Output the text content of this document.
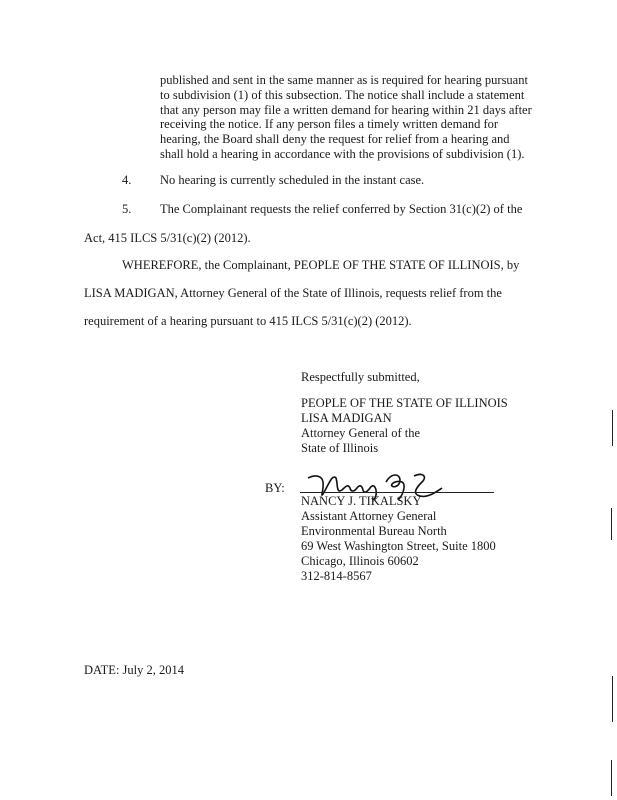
published and sent in the same manner as is required for hearing pursuant
to subdivision (1) of this subsection. The notice shall include a statement
that any person may file a written demand for hearing within 21 days after
receiving the notice. If any person files a timely written demand for
hearing, the Board shall deny the request for relief from a hearing and
shall hold a hearing in accordance with the provisions of subdivision (1).
4. No hearing is currently scheduled in the instant case.
5. The Complainant requests the relief conferred by Section 31(c)(2) of the
Act, 415 ILCS 5/31(c)(2) (2012).
WHEREFORE, the Complainant, PEOPLE OF THE STATE OF ILLINOIS, by
LISA MADIGAN, Attorney General of the State of Illinois, requests relief from the
requirement of a hearing pursuant to 415 ILCS 5/31(c)(2) (2012).
Respectfully submitted,
PEOPLE OF THE STATE OF ILLINOIS
LISA MADIGAN
Attorney General of the
State of Illinois
BY:
NANCY J. TIKALSKY
Assistant Attorney General
Environmental Bureau North
69 West Washington Street, Suite 1800
Chicago, Illinois 60602
312-814-8567
DATE: July 2, 2014
